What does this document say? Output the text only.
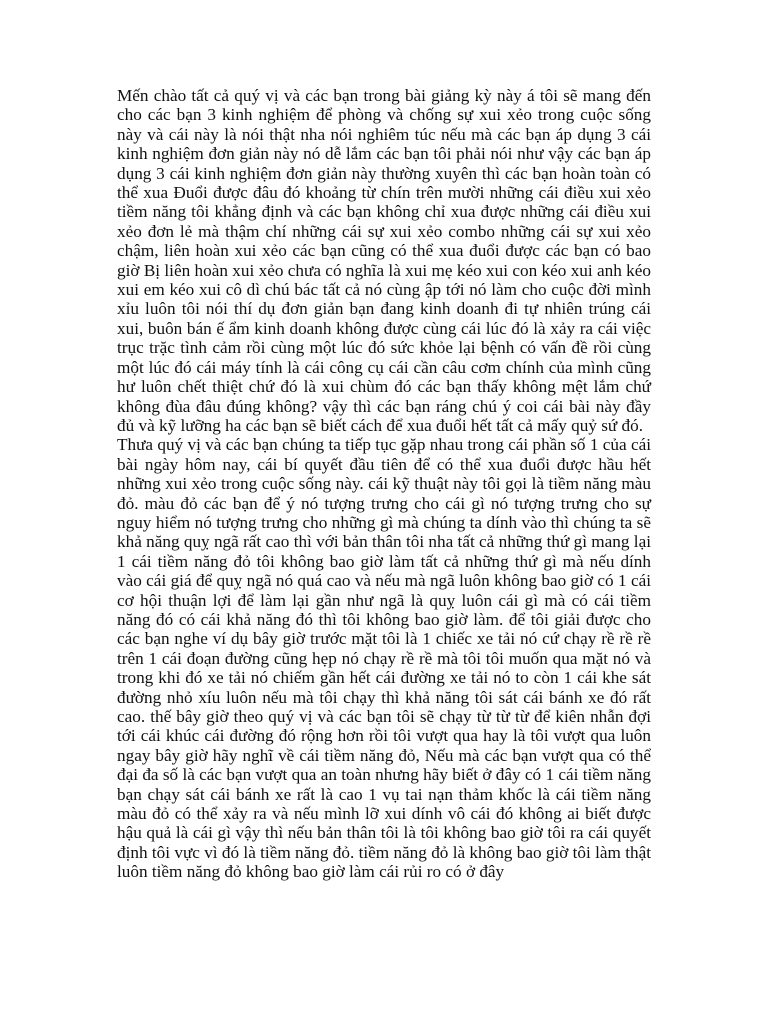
Mến chào tất cả quý vị và các bạn trong bài giảng kỳ này á tôi sẽ mang đến cho các bạn 3 kinh nghiệm để phòng và chống sự xui xẻo trong cuộc sống này và cái này là nói thật nha nói nghiêm túc nếu mà các bạn áp dụng 3 cái kinh nghiệm đơn giản này nó dễ lắm các bạn tôi phải nói như vậy các bạn áp dụng 3 cái kinh nghiệm đơn giản này thường xuyên thì các bạn hoàn toàn có thể xua Đuổi được đâu đó khoảng từ chín trên mười những cái điều xui xẻo tiềm năng tôi khẳng định và các bạn không chỉ xua được những cái điều xui xẻo đơn lẻ mà thậm chí những cái sự xui xẻo combo những cái sự xui xẻo chậm, liên hoàn xui xẻo các bạn cũng có thể xua đuổi được các bạn có bao giờ Bị liên hoàn xui xẻo chưa có nghĩa là xui mẹ kéo xui con kéo xui anh kéo xui em kéo xui cô dì chú bác tất cả nó cùng ập tới nó làm cho cuộc đời mình xỉu luôn tôi nói thí dụ đơn giản bạn đang kinh doanh đi tự nhiên trúng cái xui, buôn bán ế ẩm kinh doanh không được cùng cái lúc đó là xảy ra cái việc trục trặc tình cảm rồi cùng một lúc đó sức khỏe lại bệnh có vấn đề rồi cùng một lúc đó cái máy tính là cái công cụ cái cần câu cơm chính của mình cũng hư luôn chết thiệt chứ đó là xui chùm đó các bạn thấy không mệt lắm chứ không đùa đâu đúng không? vậy thì các bạn ráng chú ý coi cái bài này đầy đủ và kỹ lưỡng ha các bạn sẽ biết cách để xua đuổi hết tất cả mấy quỷ sứ đó.

Thưa quý vị và các bạn chúng ta tiếp tục gặp nhau trong cái phần số 1 của cái bài ngày hôm nay, cái bí quyết đầu tiên để có thể xua đuổi được hầu hết những xui xẻo trong cuộc sống này. cái kỹ thuật này tôi gọi là tiềm năng màu đỏ. màu đỏ các bạn để ý nó tượng trưng cho cái gì nó tượng trưng cho sự nguy hiểm nó tượng trưng cho những gì mà chúng ta dính vào thì chúng ta sẽ khả năng quỵ ngã rất cao thì với bản thân tôi nha tất cả những thứ gì mang lại 1 cái tiềm năng đỏ tôi không bao giờ làm tất cả những thứ gì mà nếu dính vào cái giá để quỵ ngã nó quá cao và nếu mà ngã luôn không bao giờ có 1 cái cơ hội thuận lợi để làm lại gần như ngã là quỵ luôn cái gì mà có cái tiềm năng đó có cái khả năng đó thì tôi không bao giờ làm. để tôi giải được cho các bạn nghe ví dụ bây giờ trước mặt tôi là 1 chiếc xe tải nó cứ chạy rề rề rề trên 1 cái đoạn đường cũng hẹp nó chạy rề rề mà tôi tôi muốn qua mặt nó và trong khi đó xe tải nó chiếm gần hết cái đường xe tải nó to còn 1 cái khe sát đường nhỏ xíu luôn nếu mà tôi chạy thì khả năng tôi sát cái bánh xe đó rất cao. thế bây giờ theo quý vị và các bạn tôi sẽ chạy từ từ từ để kiên nhẫn đợi tới cái khúc cái đường đó rộng hơn rồi tôi vượt qua hay là tôi vượt qua luôn ngay bây giờ hãy nghĩ về cái tiềm năng đỏ, Nếu mà các bạn vượt qua có thể đại đa số là các bạn vượt qua an toàn nhưng hãy biết ở đây có 1 cái tiềm năng bạn chạy sát cái bánh xe rất là cao 1 vụ tai nạn thảm khốc là cái tiềm năng màu đỏ có thể xảy ra và nếu mình lỡ xui dính vô cái đó không ai biết được hậu quả là cái gì vậy thì nếu bản thân tôi là tôi không bao giờ tôi ra cái quyết định tôi vực vì đó là tiềm năng đỏ. tiềm năng đỏ là không bao giờ tôi làm thật luôn tiềm năng đỏ không bao giờ làm cái rủi ro có ở đây
